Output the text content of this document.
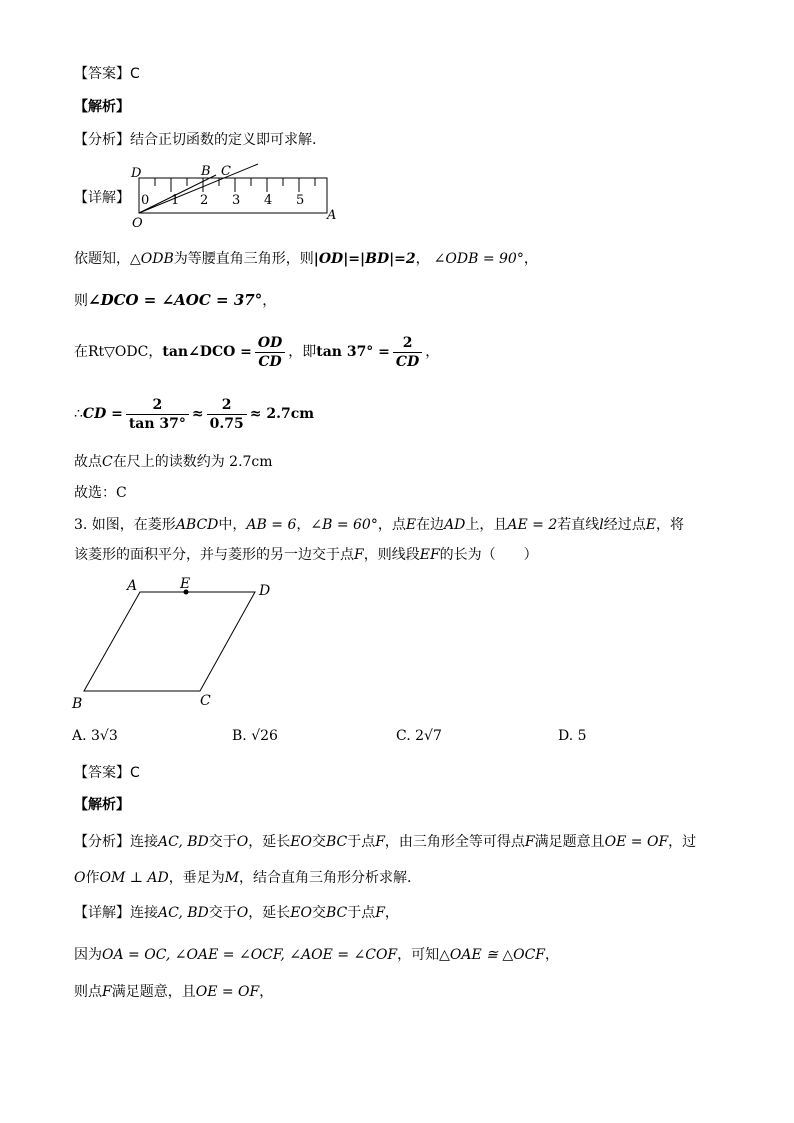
【答案】C
【解析】
【分析】结合正切函数的定义即可求解.
【详解】
D	B C
O
A
0 1 2 3 4 5
依题知，△ODB为等腰直角三角形，则|OD|=|BD|=2， ∠ODB = 90°，
则∠DCO = ∠AOC = 37°，
在Rt▽ODC，tan∠DCO = $\frac{OD}{CD}$ ，即$\tan 37^\circ = \frac{2}{CD}$ ，
∴CD = $\frac{2}{\tan 37^\circ} \approx \frac{2}{0.75} \approx 2.7cm$
故点C在尺上的读数约为 2.7cm
故选：C
3. 如图，在菱形ABCD中，AB = 6，∠B = 60°，点E在边AD上，且AE = 2若直线l经过点E，将
该菱形的面积平分，并与菱形的另一边交于点F，则线段EF的长为（　　）
A	E	D
B	C
A. 3√3	B. √26	C. 2√7	D. 5
【答案】C
【解析】
【分析】连接AC, BD交于O，延长EO交BC于点F，由三角形全等可得点F满足题意且OE = OF，过
O作OM ⊥ AD，垂足为M，结合直角三角形分析求解.
【详解】连接AC, BD交于O，延长EO交BC于点F，
因为OA = OC, ∠OAE = ∠OCF, ∠AOE = ∠COF，可知△OAE ≅ △OCF，
则点F满足题意，且OE = OF，
